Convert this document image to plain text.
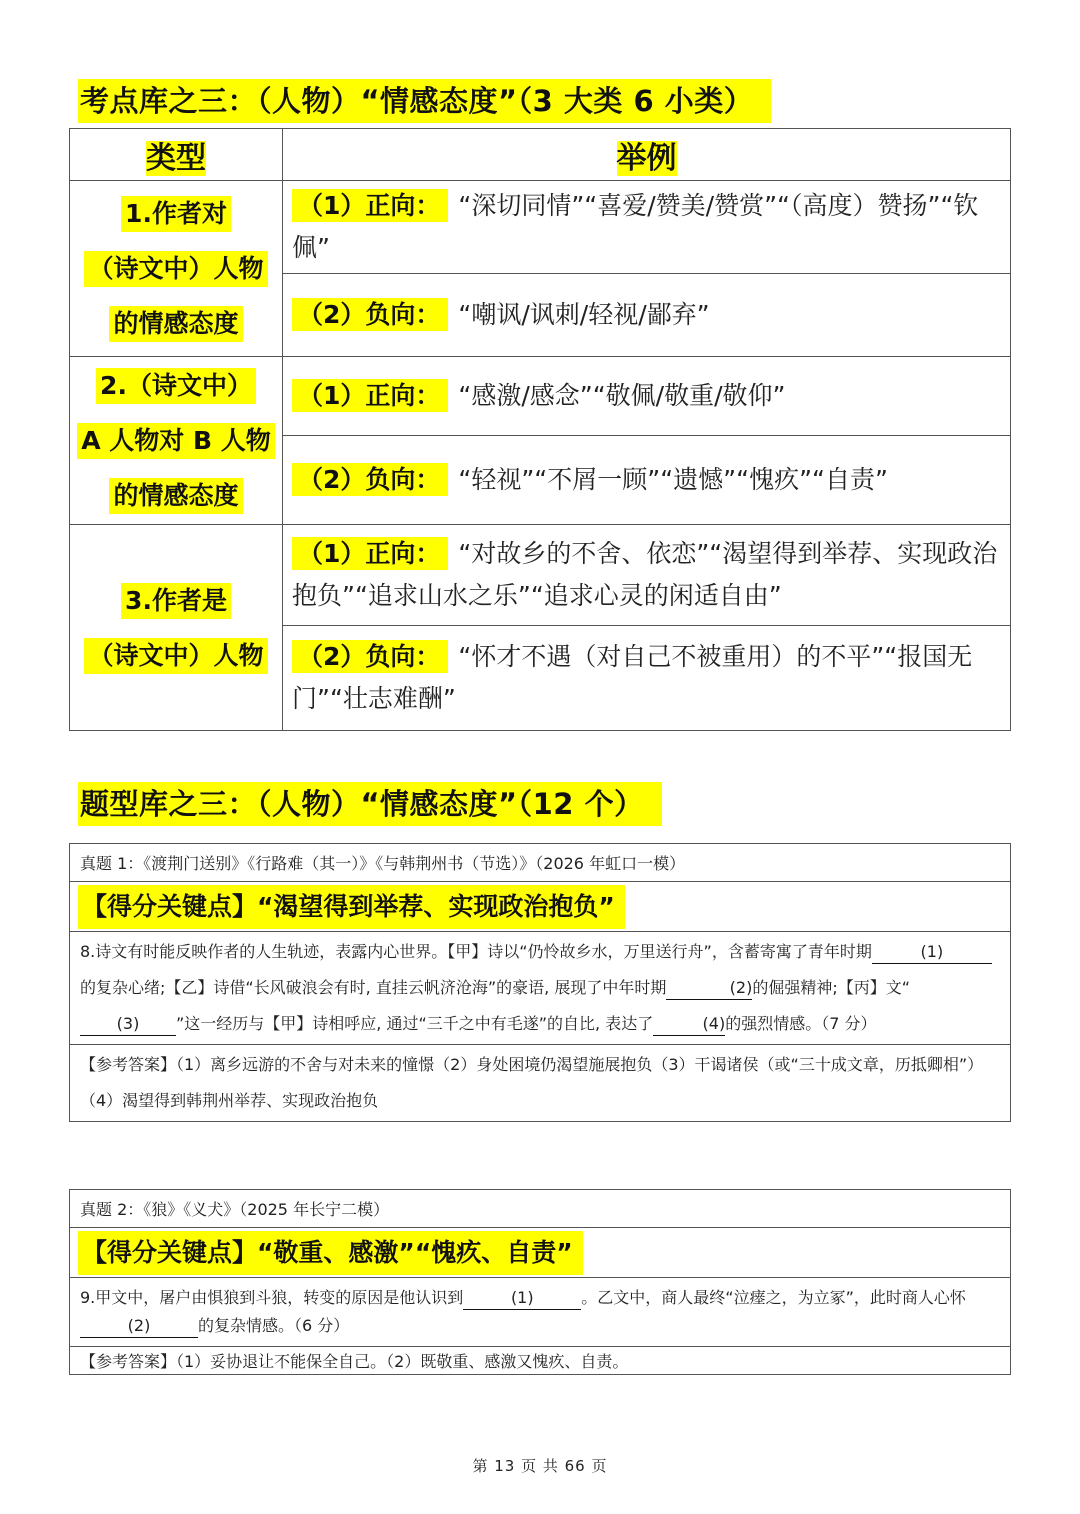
考点库之三：（人物）“情感态度”（3 大类 6 小类）
类型	举例
1.作者对
（诗文中）人物
的情感态度	（1）正向： “深切同情”“喜爱/赞美/赞赏”“（高度）赞扬”“钦佩”
	（2）负向： “嘲讽/讽刺/轻视/鄙弃”
2.（诗文中）
A 人物对 B 人物
的情感态度	（1）正向： “感激/感念”“敬佩/敬重/敬仰”
	（2）负向： “轻视”“不屑一顾”“遗憾”“愧疚”“自责”
3.作者是
（诗文中）人物	（1）正向： “对故乡的不舍、依恋”“渴望得到举荐、实现政治抱负”“追求山水之乐”“追求心灵的闲适自由”
	（2）负向： “怀才不遇（对自己不被重用）的不平”“报国无门”“壮志难酬”
题型库之三：（人物）“情感态度”（12 个）
真题 1：《渡荆门送别》《行路难（其一）》《与韩荆州书（节选）》（2026 年虹口一模）
【得分关键点】“渴望得到举荐、实现政治抱负”
8.诗文有时能反映作者的人生轨迹，表露内心世界。【甲】诗以“仍怜故乡水，万里送行舟”，含蓄寄寓了青年时期	(1)的复杂心绪;【乙】诗借“长风破浪会有时, 直挂云帆济沧海”的豪语, 展现了中年时期	(2)的倔强精神;【丙】文“(3) ”这一经历与【甲】诗相呼应, 通过“三千之中有毛遂”的自比, 表达了	(4)的强烈情感。（7 分）
【参考答案】（1）离乡远游的不舍与对未来的憧憬（2）身处困境仍渴望施展抱负（3）干谒诸侯（或“三十成文章，历抵卿相”）（4）渴望得到韩荆州举荐、实现政治抱负
真题 2：《狼》《义犬》（2025 年长宁二模）
【得分关键点】“敬重、感激”“愧疚、自责”
9.甲文中，屠户由惧狼到斗狼，转变的原因是他认识到	(1)	。乙文中，商人最终“泣瘗之，为立冢”，此时商人心怀(2)	的复杂情感。（6 分）
【参考答案】（1）妥协退让不能保全自己。（2）既敬重、感激又愧疚、自责。
第 13 页 共 66 页
